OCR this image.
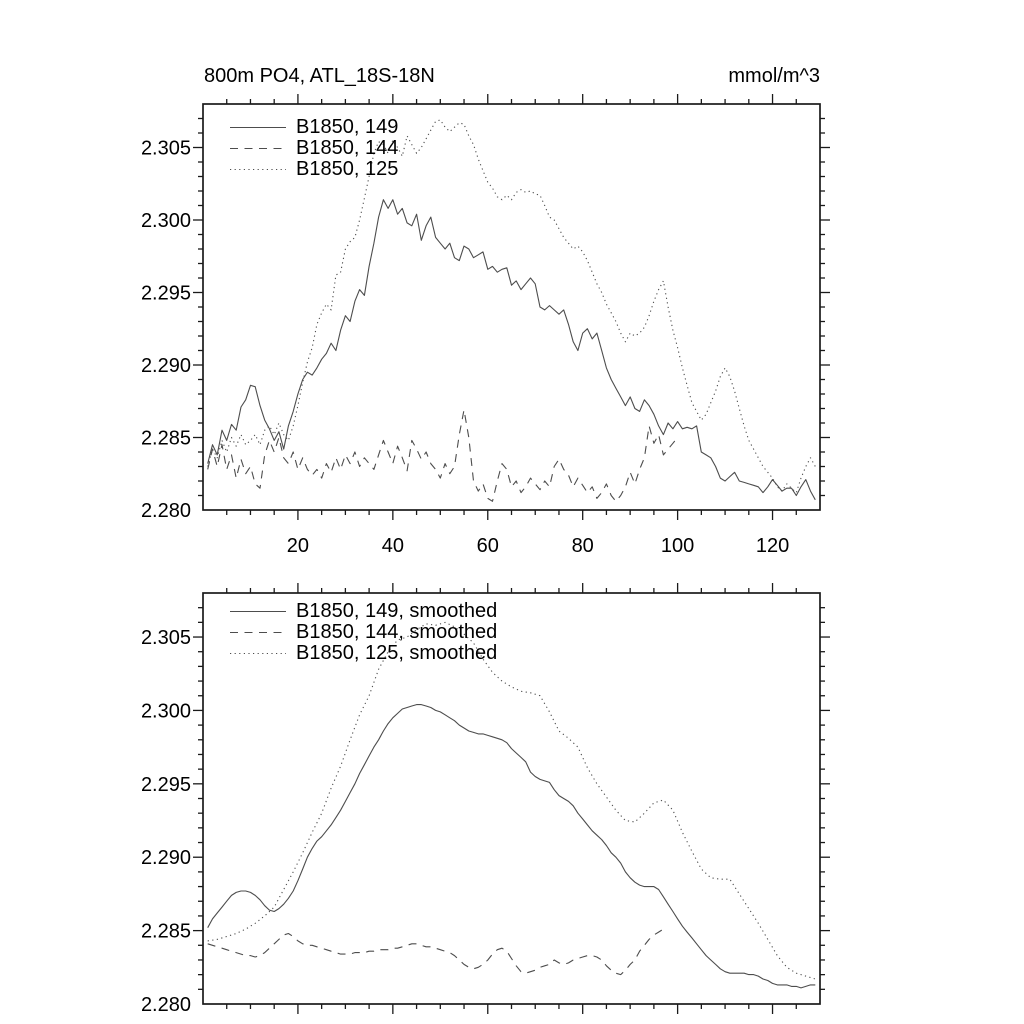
20	40	60	80	100	120
2.280
2.285
2.290
2.295
2.300
2.305
2.280
2.285
2.290
2.295
2.300
2.305
800m PO4, ATL_18S-18N	mmol/m^3
B1850, 149
B1850, 144
B1850, 125
B1850, 149, smoothed
B1850, 144, smoothed
B1850, 125, smoothed
